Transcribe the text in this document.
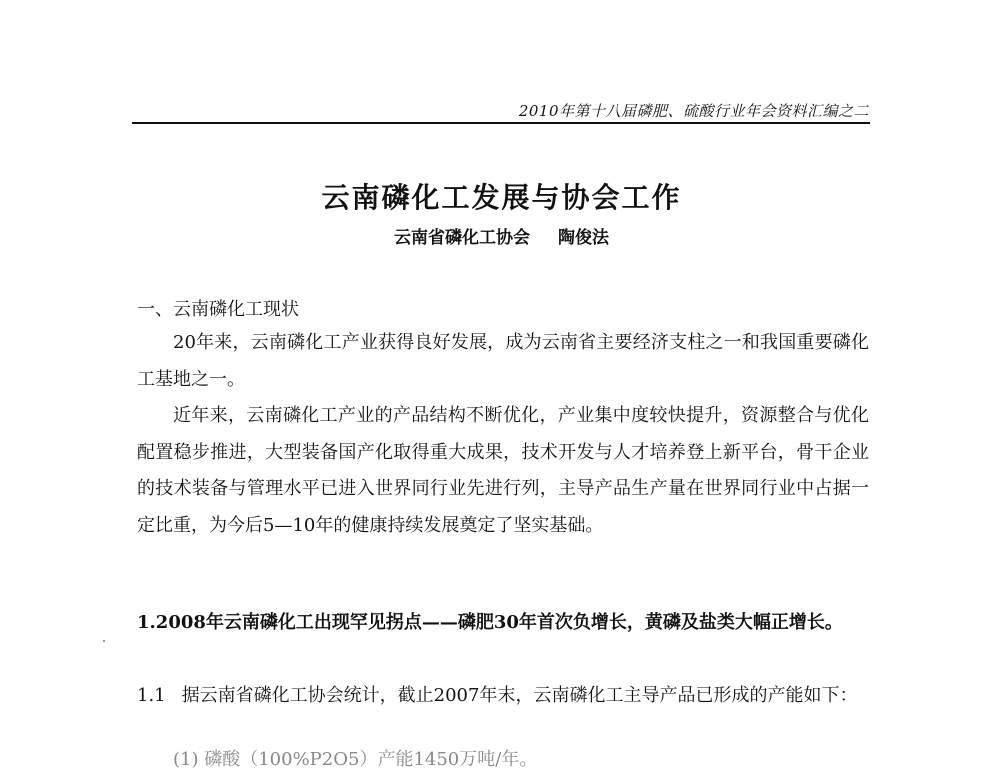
2010年第十八届磷肥、硫酸行业年会资料汇编之二
云南磷化工发展与协会工作
云南省磷化工协会 陶俊法
一、云南磷化工现状
20年来，云南磷化工产业获得良好发展，成为云南省主要经济支柱之一和我国重要磷化工基地之一。
近年来，云南磷化工产业的产品结构不断优化，产业集中度较快提升，资源整合与优化配置稳步推进，大型装备国产化取得重大成果，技术开发与人才培养登上新平台，骨干企业的技术装备与管理水平已进入世界同行业先进行列，主导产品生产量在世界同行业中占据一定比重，为今后5—10年的健康持续发展奠定了坚实基础。
1.2008年云南磷化工出现罕见拐点——磷肥30年首次负增长，黄磷及盐类大幅正增长。
1.1 据云南省磷化工协会统计，截止2007年末，云南磷化工主导产品已形成的产能如下：
(1) 磷酸（100%P2O5）产能1450万吨/年。
